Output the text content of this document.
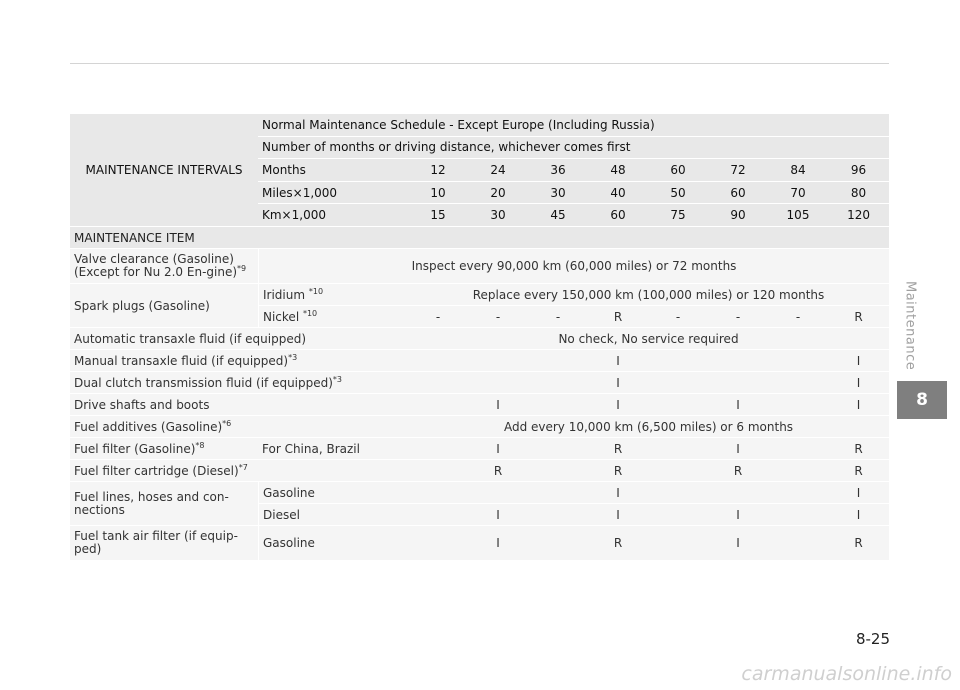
MAINTENANCE INTERVALS	Normal Maintenance Schedule - Except Europe (Including Russia)								
	Number of months or driving distance, whichever comes first								
	Months	12	24	36	48	60	72	84	96
	Miles×1,000	10	20	30	40	50	60	70	80
	Km×1,000	15	30	45	60	75	90	105	120
MAINTENANCE ITEM									
Valve clearance (Gasoline) (Except for Nu 2.0 En-gine)$^{*9}$	Inspect every 90,000 km (60,000 miles) or 72 months								
Spark plugs (Gasoline)	Iridium $^{*10}$	Replace every 150,000 km (100,000 miles) or 120 months							
	Nickel $^{*10}$	-	-	-	R	-	-	-	R
Automatic transaxle fluid (if equipped)		No check, No service required							
Manual transaxle fluid (if equipped)$^{*3}$					I				I
Dual clutch transmission fluid (if equipped)$^{*3}$					I				I
Drive shafts and boots			I		I		I		I
Fuel additives (Gasoline)$^{*6}$		Add every 10,000 km (6,500 miles) or 6 months							
Fuel filter (Gasoline)$^{*8}$	For China, Brazil		I		R		I		R
Fuel filter cartridge (Diesel)$^{*7}$			R		R		R		R
Fuel lines, hoses and con-nections	Gasoline				I				I
	Diesel		I		I		I		I
Fuel tank air filter (if equip-ped)	Gasoline		I		R		I		R
Maintenance
8
8-25
carmanualsonline.info
